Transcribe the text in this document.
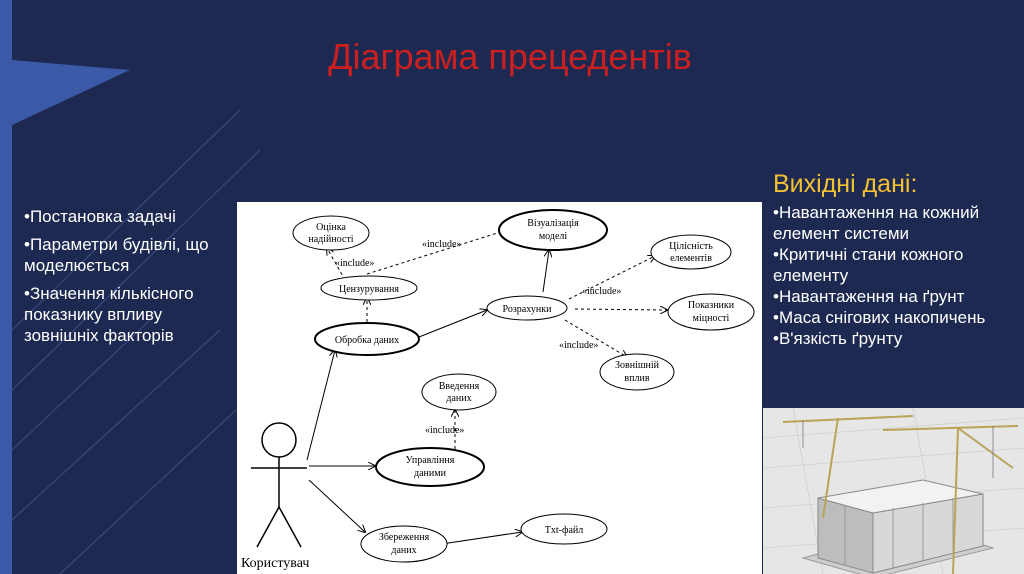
Діаграма прецедентів
•Постановка задачі
•Параметри будівлі, що моделюється
•Значення кількісного показнику впливу зовнішніх факторів
Користувач
«include»
«include»
«include»
«include»
«include»
Оцінка
надійності
Візуалізація
моделі
Цілісність
елементів
Цензурування
Розрахунки	Показники
міцності
Обробка даних
Зовнішній
вплив
Введення
даних
Управління
даними
Збереження
даних
Txt-файл
Вихідні дані:
•Навантаження на кожний елемент системи
•Критичні стани кожного елементу
•Навантаження на ґрунт
•Маса снігових накопичень
•В'язкість ґрунту
